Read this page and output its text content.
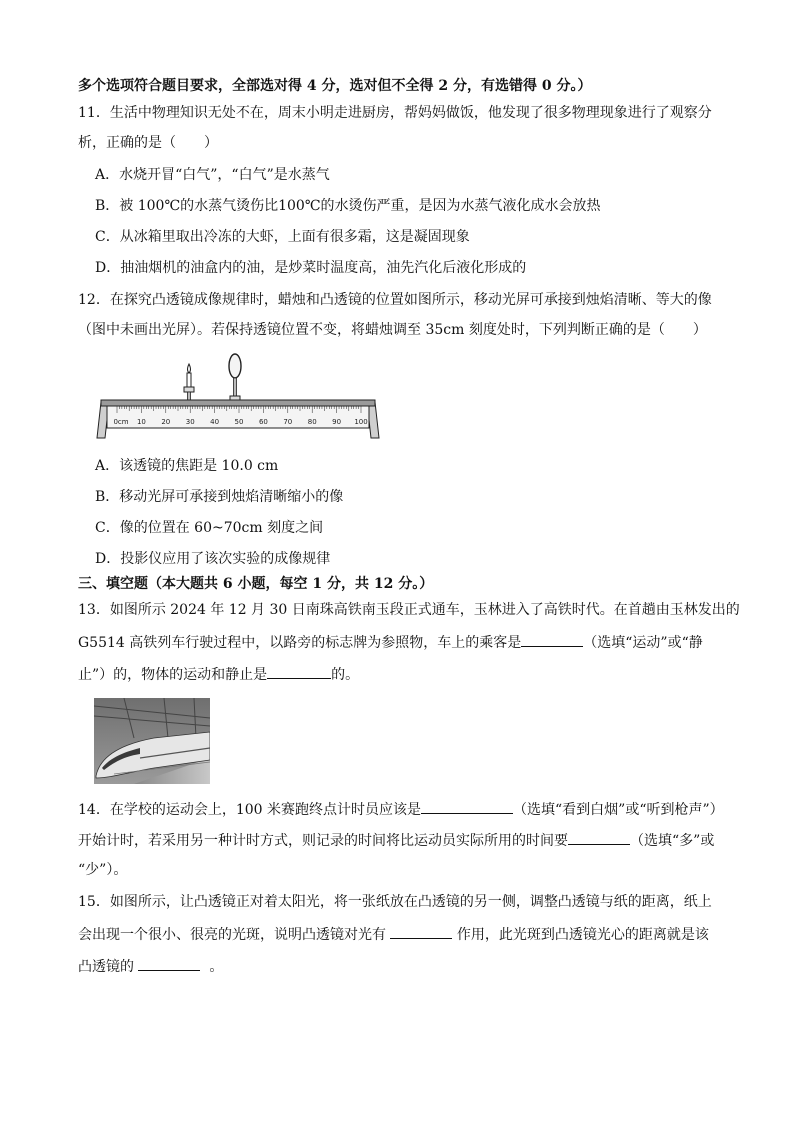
多个选项符合题目要求，全部选对得 4 分，选对但不全得 2 分，有选错得 0 分。）
11．生活中物理知识无处不在，周末小明走进厨房，帮妈妈做饭，他发现了很多物理现象进行了观察分
析，正确的是（　　）
A．水烧开冒“白气”，“白气”是水蒸气
B．被 100℃的水蒸气烫伤比100℃的水烫伤严重，是因为水蒸气液化成水会放热
C．从冰箱里取出冷冻的大虾，上面有很多霜，这是凝固现象
D．抽油烟机的油盒内的油，是炒菜时温度高，油先汽化后液化形成的
12．在探究凸透镜成像规律时，蜡烛和凸透镜的位置如图所示，移动光屏可承接到烛焰清晰、等大的像
（图中未画出光屏）。若保持透镜位置不变，将蜡烛调至 35cm 刻度处时，下列判断正确的是（　　）
0cm 10 20 30 40 50 60 70 80 90 100
A．该透镜的焦距是 10.0 cm
B．移动光屏可承接到烛焰清晰缩小的像
C．像的位置在 60~70cm 刻度之间
D．投影仪应用了该次实验的成像规律
三、填空题（本大题共 6 小题，每空 1 分，共 12 分。）
13．如图所示 2024 年 12 月 30 日南珠高铁南玉段正式通车，玉林进入了高铁时代。在首趟由玉林发出的
G5514 高铁列车行驶过程中，以路旁的标志牌为参照物，车上的乘客是	（选填“运动”或“静
止”）的，物体的运动和静止是	的。
14．在学校的运动会上，100 米赛跑终点计时员应该是	（选填“看到白烟”或“听到枪声”）
开始计时，若采用另一种计时方式，则记录的时间将比运动员实际所用的时间要	（选填“多”或
“少”）。
15．如图所示，让凸透镜正对着太阳光，将一张纸放在凸透镜的另一侧，调整凸透镜与纸的距离，纸上
会出现一个很小、很亮的光斑，说明凸透镜对光有	作用，此光斑到凸透镜光心的距离就是该
凸透镜的	。
